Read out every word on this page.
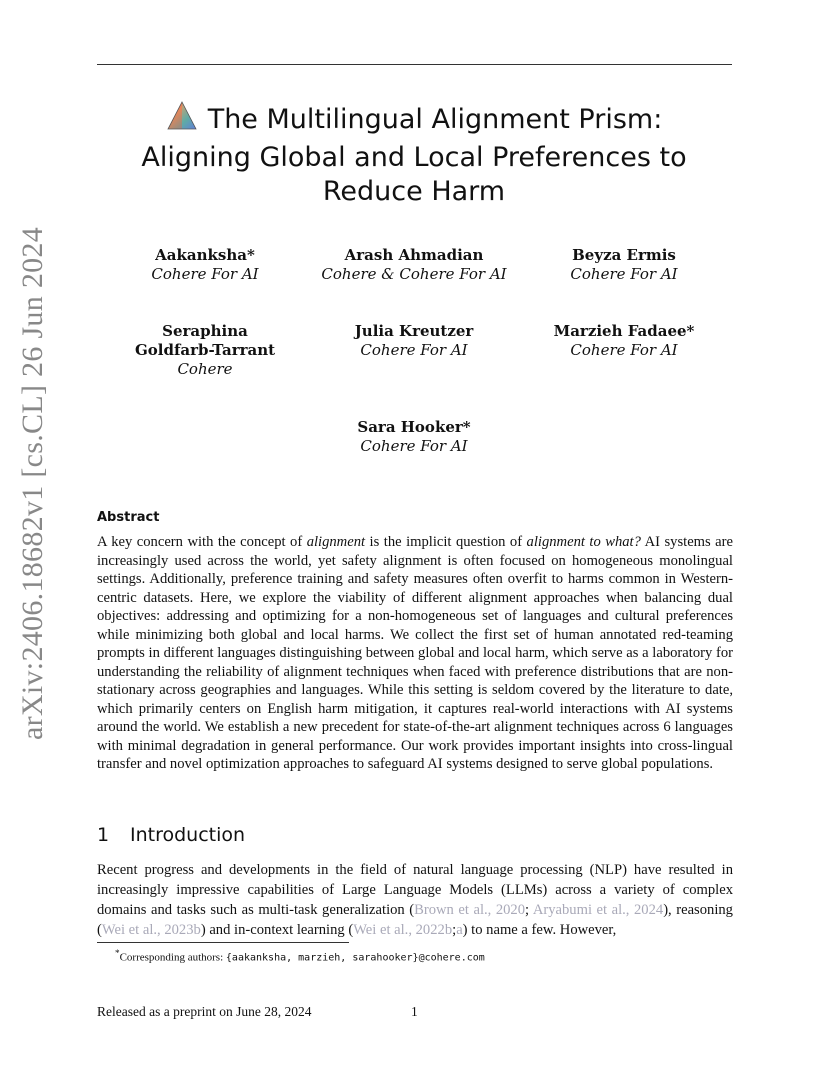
arXiv:2406.18682v1 [cs.CL] 26 Jun 2024
The Multilingual Alignment Prism:
Aligning Global and Local Preferences to
Reduce Harm
Aakanksha*
Cohere For AI
Arash Ahmadian
Cohere & Cohere For AI
Beyza Ermis
Cohere For AI
Seraphina
Goldfarb-Tarrant
Cohere
Julia Kreutzer
Cohere For AI
Marzieh Fadaee*
Cohere For AI
Sara Hooker*
Cohere For AI
Abstract
A key concern with the concept of alignment is the implicit question of alignment to what? AI systems are increasingly used across the world, yet safety alignment is often focused on homogeneous monolingual settings. Additionally, preference training and safety measures often overfit to harms common in Western-centric datasets. Here, we explore the viability of different alignment approaches when balancing dual objectives: addressing and optimizing for a non-homogeneous set of languages and cultural preferences while minimizing both global and local harms. We collect the first set of human annotated red-teaming prompts in different languages distinguishing between global and local harm, which serve as a laboratory for understanding the reliability of alignment techniques when faced with preference distributions that are non-stationary across geographies and languages. While this setting is seldom covered by the literature to date, which primarily centers on English harm mitigation, it captures real-world interactions with AI systems around the world. We establish a new precedent for state-of-the-art alignment techniques across 6 languages with minimal degradation in general performance. Our work provides important insights into cross-lingual transfer and novel optimization approaches to safeguard AI systems designed to serve global populations.
1 Introduction
Recent progress and developments in the field of natural language processing (NLP) have resulted in increasingly impressive capabilities of Large Language Models (LLMs) across a variety of complex domains and tasks such as multi-task generalization (Brown et al., 2020; Aryabumi et al., 2024), reasoning (Wei et al., 2023b) and in-context learning (Wei et al., 2022b;a) to name a few. However,
*Corresponding authors: {aakanksha, marzieh, sarahooker}@cohere.com
Released as a preprint on June 28, 2024	1
